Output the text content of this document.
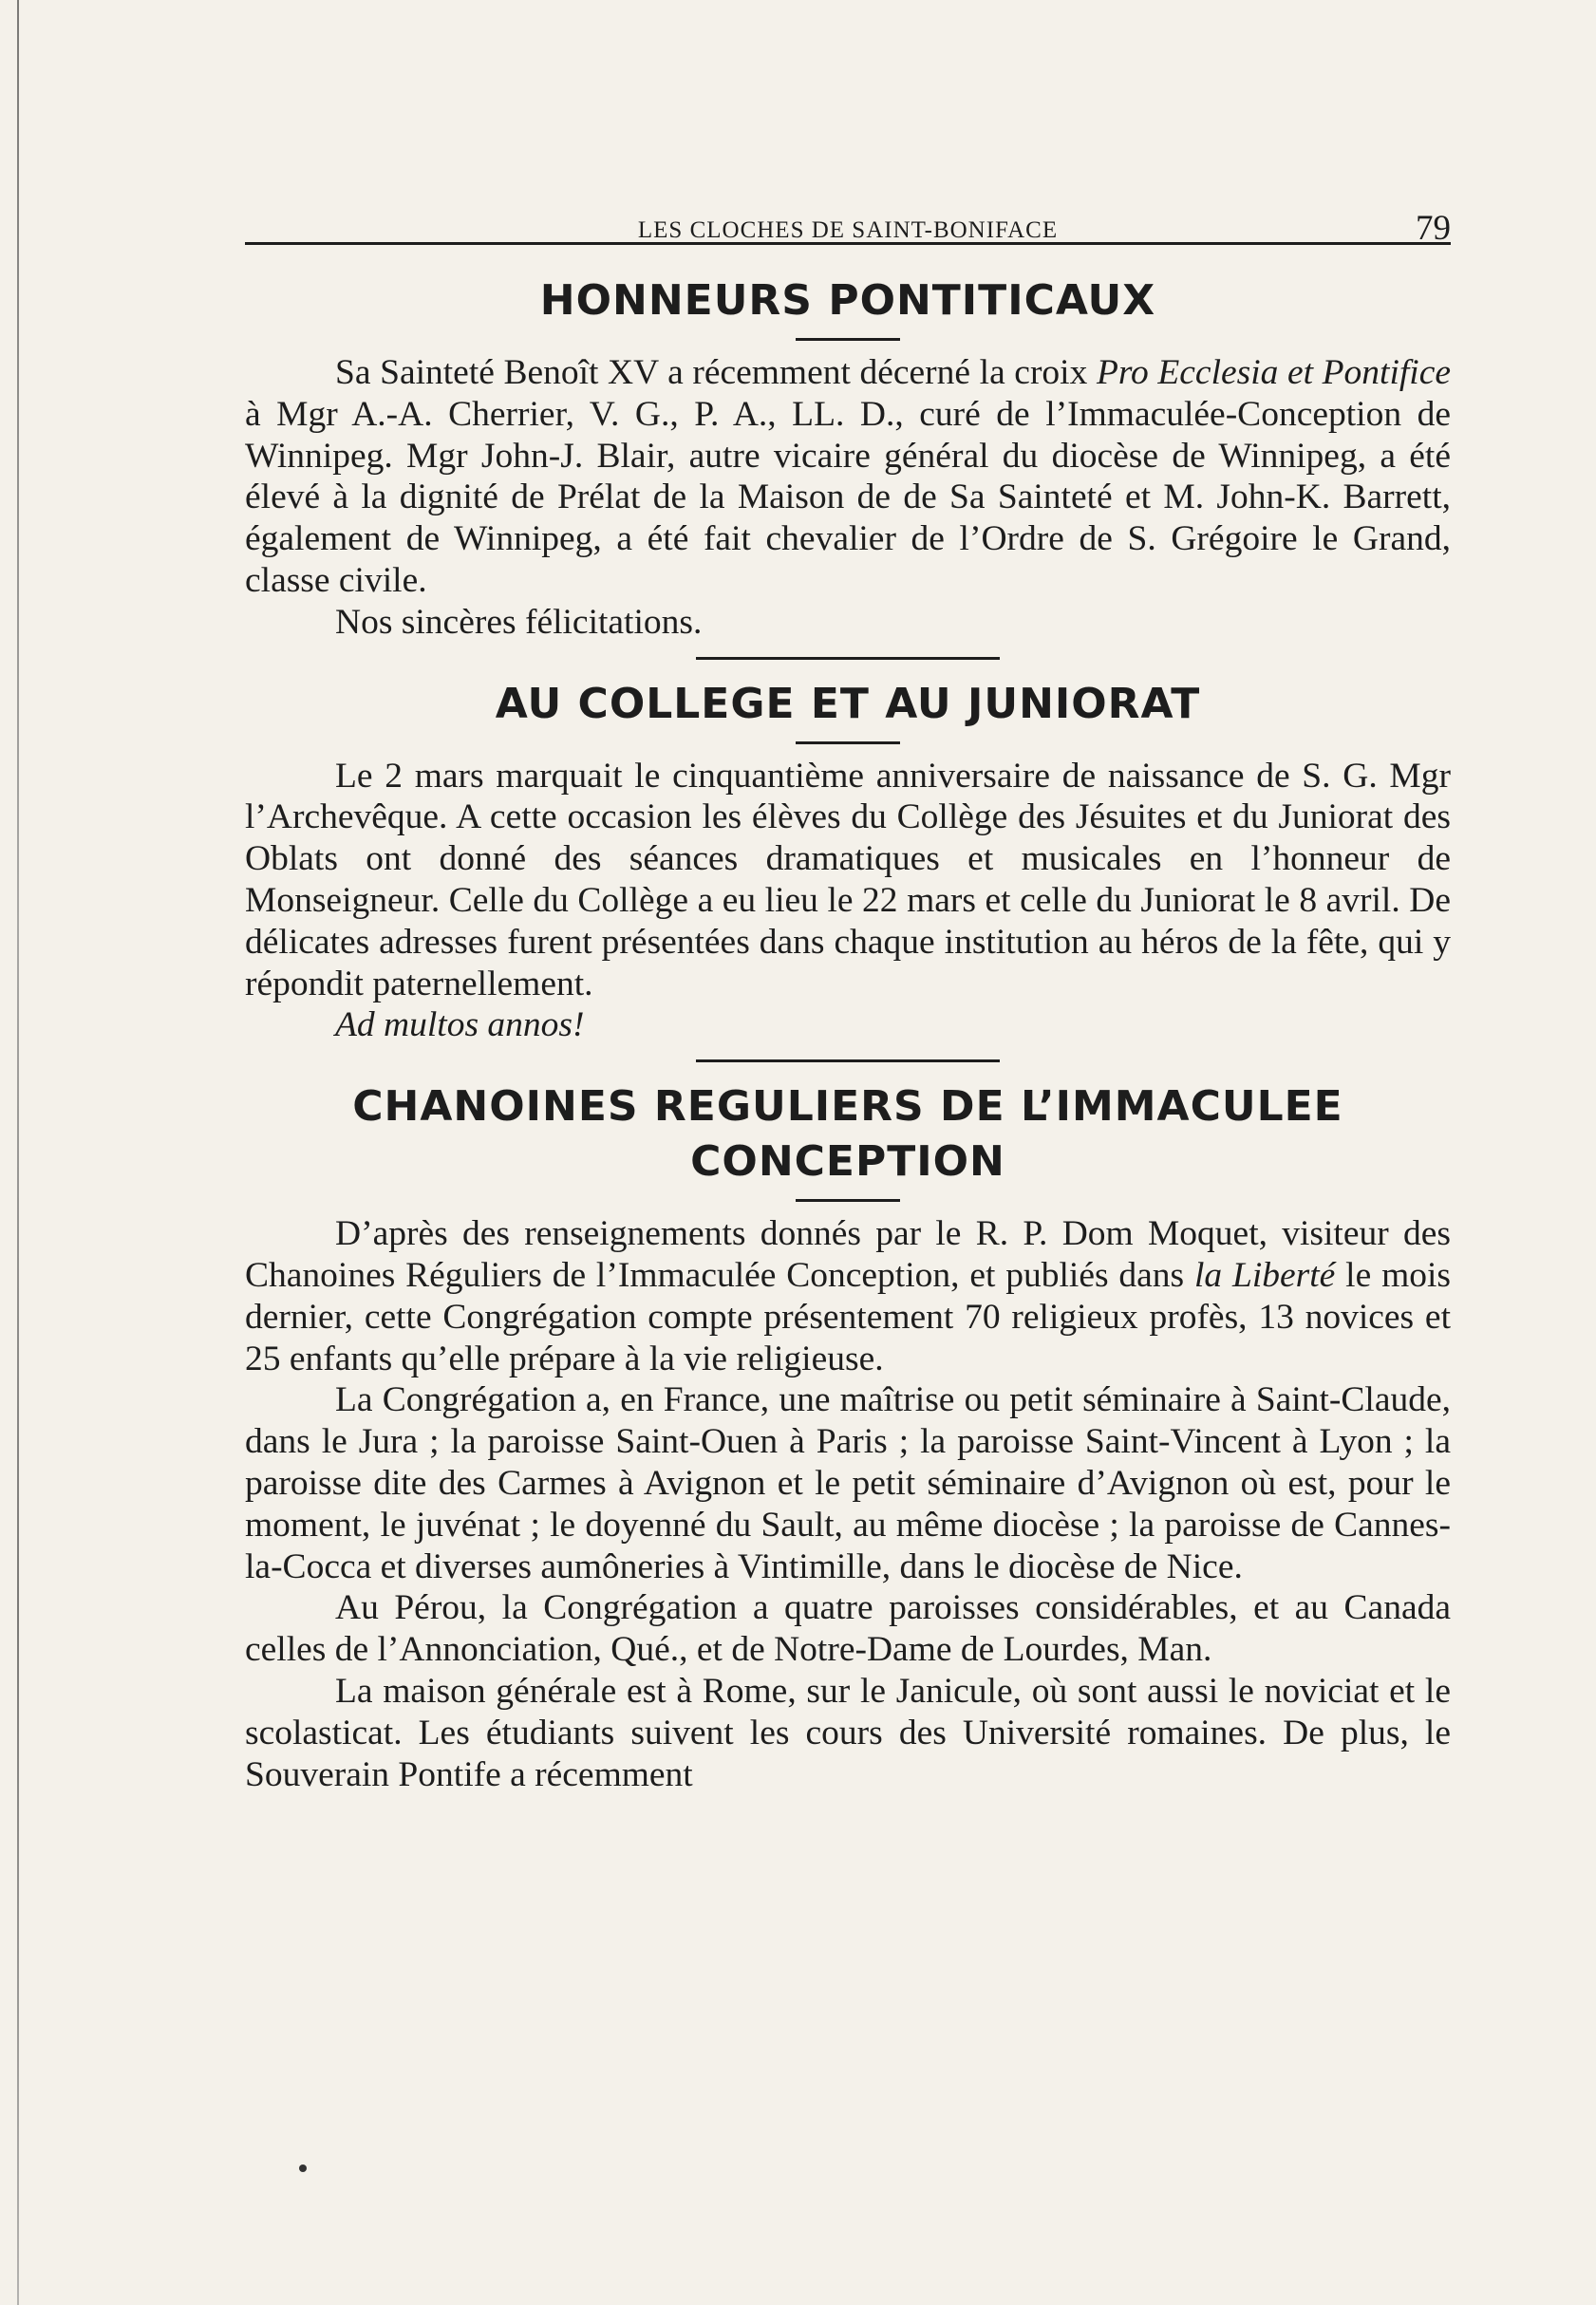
LES CLOCHES DE SAINT-BONIFACE	79
HONNEURS PONTITICAUX

Sa Sainteté Benoît XV a récemment décerné la croix Pro Ecclesia et Pontifice à Mgr A.-A. Cherrier, V. G., P. A., LL. D., curé de l’Immaculée-Conception de Winnipeg. Mgr John-J. Blair, autre vicaire général du diocèse de Winnipeg, a été élevé à la dignité de Prélat de la Maison de de Sa Sainteté et M. John-K. Barrett, également de Winnipeg, a été fait chevalier de l’Ordre de S. Grégoire le Grand, classe civile.

Nos sincères félicitations.

AU COLLEGE ET AU JUNIORAT

Le 2 mars marquait le cinquantième anniversaire de naissance de S. G. Mgr l’Archevêque. A cette occasion les élèves du Collège des Jésuites et du Juniorat des Oblats ont donné des séances dramatiques et musicales en l’honneur de Monseigneur. Celle du Collège a eu lieu le 22 mars et celle du Juniorat le 8 avril. De délicates adresses furent présentées dans chaque institution au héros de la fête, qui y répondit paternellement.

Ad multos annos!

CHANOINES REGULIERS DE L’IMMACULEE
CONCEPTION

D’après des renseignements donnés par le R. P. Dom Moquet, visiteur des Chanoines Réguliers de l’Immaculée Conception, et publiés dans la Liberté le mois dernier, cette Congrégation compte présentement 70 religieux profès, 13 novices et 25 enfants qu’elle prépare à la vie religieuse.

La Congrégation a, en France, une maîtrise ou petit séminaire à Saint-Claude, dans le Jura ; la paroisse Saint-Ouen à Paris ; la paroisse Saint-Vincent à Lyon ; la paroisse dite des Carmes à Avignon et le petit séminaire d’Avignon où est, pour le moment, le juvénat ; le doyenné du Sault, au même diocèse ; la paroisse de Cannes-la-Cocca et diverses aumôneries à Vintimille, dans le diocèse de Nice.

Au Pérou, la Congrégation a quatre paroisses considérables, et au Canada celles de l’Annonciation, Qué., et de Notre-Dame de Lourdes, Man.

La maison générale est à Rome, sur le Janicule, où sont aussi le noviciat et le scolasticat. Les étudiants suivent les cours des Université romaines. De plus, le Souverain Pontife a récemment
